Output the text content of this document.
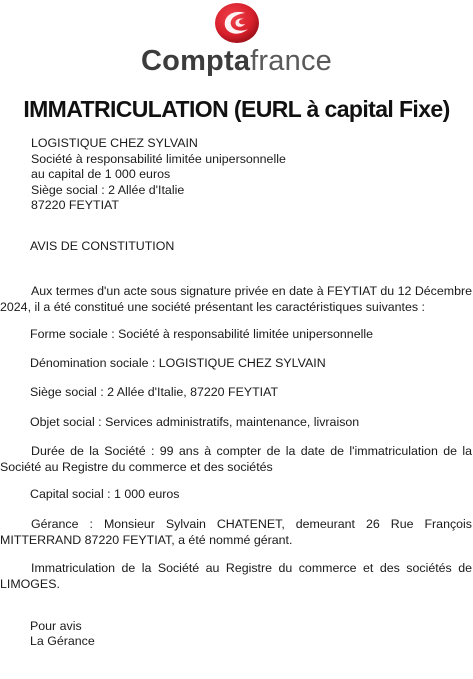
Comptafrance
IMMATRICULATION (EURL à capital Fixe)
LOGISTIQUE CHEZ SYLVAIN
Société à responsabilité limitée unipersonnelle
au capital de 1 000 euros
Siège social : 2 Allée d'Italie
87220 FEYTIAT
AVIS DE CONSTITUTION
Aux termes d'un acte sous signature privée en date à FEYTIAT du 12 Décembre 2024, il a été constitué une société présentant les caractéristiques suivantes :
Forme sociale : Société à responsabilité limitée unipersonnelle
Dénomination sociale : LOGISTIQUE CHEZ SYLVAIN
Siège social : 2 Allée d'Italie, 87220 FEYTIAT
Objet social : Services administratifs, maintenance, livraison
Durée de la Société : 99 ans à compter de la date de l'immatriculation de la Société au Registre du commerce et des sociétés
Capital social : 1 000 euros
Gérance : Monsieur Sylvain CHATENET, demeurant 26 Rue François MITTERRAND 87220 FEYTIAT, a été nommé gérant.
Immatriculation de la Société au Registre du commerce et des sociétés de LIMOGES.
Pour avis
La Gérance
